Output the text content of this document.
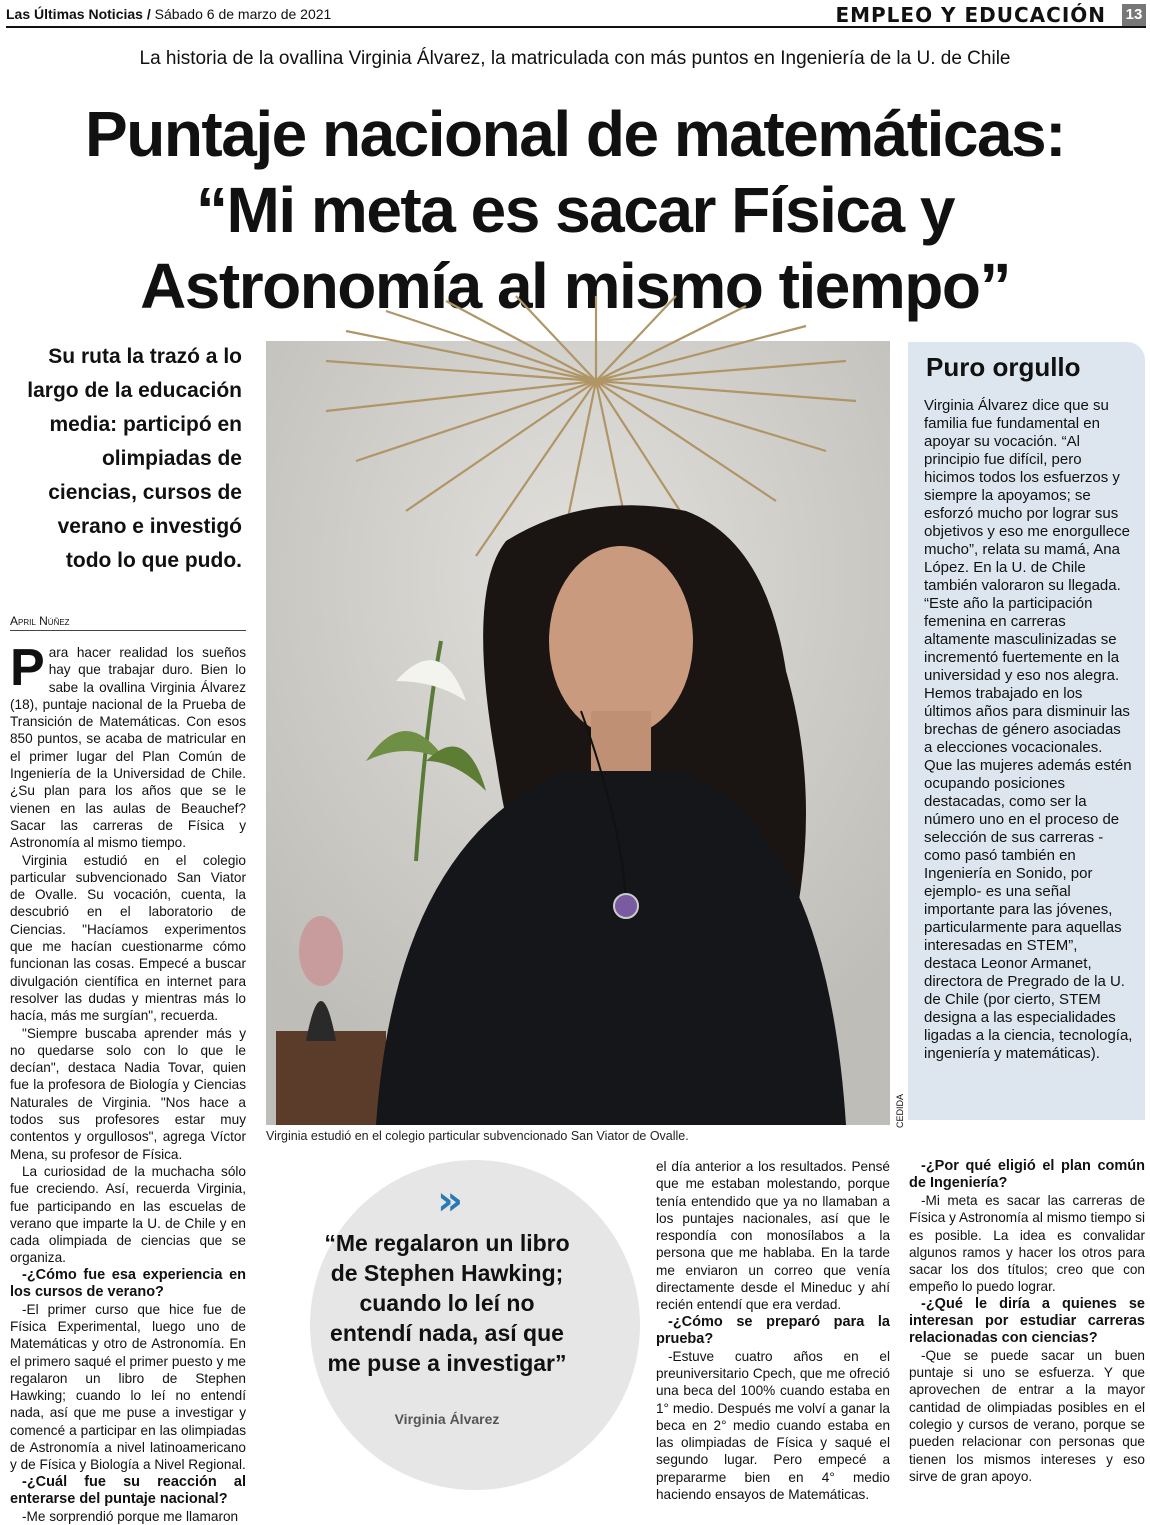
Las Últimas Noticias / Sábado 6 de marzo de 2021	EMPLEO Y EDUCACIÓN 13
La historia de la ovallina Virginia Álvarez, la matriculada con más puntos en Ingeniería de la U. de Chile
Puntaje nacional de matemáticas:
“Mi meta es sacar Física y
Astronomía al mismo tiempo”
Su ruta la trazó a lo largo de la educación media: participó en olimpiadas de ciencias, cursos de verano e investigó todo lo que pudo.
April Núñez

Para hacer realidad los sueños hay que trabajar duro. Bien lo sabe la ovallina Virginia Álvarez (18), puntaje nacional de la Prueba de Transición de Matemáticas. Con esos 850 puntos, se acaba de matricular en el primer lugar del Plan Común de Ingeniería de la Universidad de Chile. ¿Su plan para los años que se le vienen en las aulas de Beauchef? Sacar las carreras de Física y Astronomía al mismo tiempo.

Virginia estudió en el colegio particular subvencionado San Viator de Ovalle. Su vocación, cuenta, la descubrió en el laboratorio de Ciencias. "Hacíamos experimentos que me hacían cuestionarme cómo funcionan las cosas. Empecé a buscar divulgación científica en internet para resolver las dudas y mientras más lo hacía, más me surgían", recuerda.

"Siempre buscaba aprender más y no quedarse solo con lo que le decían", destaca Nadia Tovar, quien fue la profesora de Biología y Ciencias Naturales de Virginia. "Nos hace a todos sus profesores estar muy contentos y orgullosos", agrega Víctor Mena, su profesor de Física.

La curiosidad de la muchacha sólo fue creciendo. Así, recuerda Virginia, fue participando en las escuelas de verano que imparte la U. de Chile y en cada olimpiada de ciencias que se organiza.

-¿Cómo fue esa experiencia en los cursos de verano?

-El primer curso que hice fue de Física Experimental, luego uno de Matemáticas y otro de Astronomía. En el primero saqué el primer puesto y me regalaron un libro de Stephen Hawking; cuando lo leí no entendí nada, así que me puse a investigar y comencé a participar en las olimpiadas de Astronomía a nivel latinoamericano y de Física y Biología a Nivel Regional.

-¿Cuál fue su reacción al enterarse del puntaje nacional?

-Me sorprendió porque me llamaron

CEDIDA
Virginia estudió en el colegio particular subvencionado San Viator de Ovalle.
Puro orgullo

Virginia Álvarez dice que su familia fue fundamental en apoyar su vocación. “Al principio fue difícil, pero hicimos todos los esfuerzos y siempre la apoyamos; se esforzó mucho por lograr sus objetivos y eso me enorgullece mucho”, relata su mamá, Ana López. En la U. de Chile también valoraron su llegada.

“Este año la participación femenina en carreras altamente masculinizadas se incrementó fuertemente en la universidad y eso nos alegra. Hemos trabajado en los últimos años para disminuir las brechas de género asociadas a elecciones vocacionales. Que las mujeres además estén ocupando posiciones destacadas, como ser la número uno en el proceso de selección de sus carreras -como pasó también en Ingeniería en Sonido, por ejemplo- es una señal importante para las jóvenes, particularmente para aquellas interesadas en STEM”, destaca Leonor Armanet, directora de Pregrado de la U. de Chile (por cierto, STEM designa a las especialidades ligadas a la ciencia, tecnología, ingeniería y matemáticas).

»
“Me regalaron un libro de Stephen Hawking; cuando lo leí no entendí nada, así que me puse a investigar”
Virginia Álvarez

el día anterior a los resultados. Pensé que me estaban molestando, porque tenía entendido que ya no llamaban a los puntajes nacionales, así que le respondía con monosílabos a la persona que me hablaba. En la tarde me enviaron un correo que venía directamente desde el Mineduc y ahí recién entendí que era verdad.

-¿Cómo se preparó para la prueba?

-Estuve cuatro años en el preuniversitario Cpech, que me ofreció una beca del 100% cuando estaba en 1° medio. Después me volví a ganar la beca en 2° medio cuando estaba en las olimpiadas de Física y saqué el segundo lugar. Pero empecé a prepararme bien en 4° medio haciendo ensayos de Matemáticas.

-¿Por qué eligió el plan común de Ingeniería?

-Mi meta es sacar las carreras de Física y Astronomía al mismo tiempo si es posible. La idea es convalidar algunos ramos y hacer los otros para sacar los dos títulos; creo que con empeño lo puedo lograr.

-¿Qué le diría a quienes se interesan por estudiar carreras relacionadas con ciencias?

-Que se puede sacar un buen puntaje si uno se esfuerza. Y que aprovechen de entrar a la mayor cantidad de olimpiadas posibles en el colegio y cursos de verano, porque se pueden relacionar con personas que tienen los mismos intereses y eso sirve de gran apoyo.
